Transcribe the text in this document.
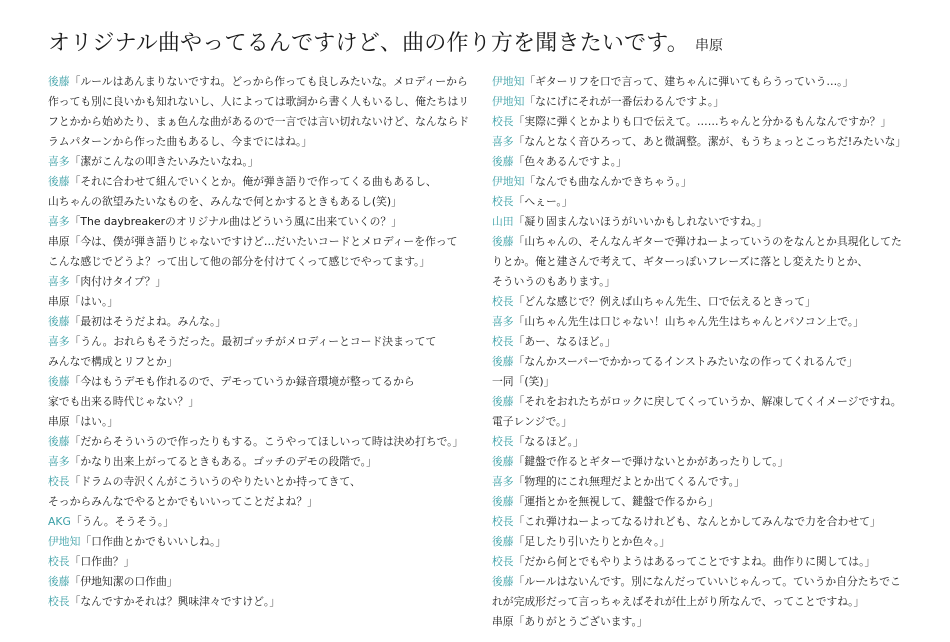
オリジナル曲やってるんですけど、曲の作り方を聞きたいです。 串原
後藤「ルールはあんまりないですね。どっから作っても良しみたいな。メロディーから
作っても別に良いかも知れないし、人によっては歌詞から書く人もいるし、俺たちはリ
フとかから始めたり、まぁ色んな曲があるので一言では言い切れないけど、なんならド
ラムパターンから作った曲もあるし、今までにはね。」
喜多「潔がこんなの叩きたいみたいなね。」
後藤「それに合わせて組んでいくとか。俺が弾き語りで作ってくる曲もあるし、
山ちゃんの欲望みたいなものを、みんなで何とかするときもあるし(笑)」
喜多「The daybreakerのオリジナル曲はどういう風に出来ていくの？」
串原「今は、僕が弾き語りじゃないですけど…だいたいコードとメロディーを作って
こんな感じでどうよ？って出して他の部分を付けてくって感じでやってます。」
喜多「肉付けタイプ？」
串原「はい。」
後藤「最初はそうだよね。みんな。」
喜多「うん。おれらもそうだった。最初ゴッチがメロディーとコード決まってて
みんなで構成とリフとか」
後藤「今はもうデモも作れるので、デモっていうか録音環境が整ってるから
家でも出来る時代じゃない？」
串原「はい。」
後藤「だからそういうので作ったりもする。こうやってほしいって時は決め打ちで。」
喜多「かなり出来上がってるときもある。ゴッチのデモの段階で。」
校長「ドラムの寺沢くんがこういうのやりたいとか持ってきて、
そっからみんなでやるとかでもいいってことだよね？」
AKG「うん。そうそう。」
伊地知「口作曲とかでもいいしね。」
校長「口作曲？」
後藤「伊地知潔の口作曲」
校長「なんですかそれは？興味津々ですけど。」
伊地知「ギターリフを口で言って、建ちゃんに弾いてもらうっていう…。」
伊地知「なにげにそれが一番伝わるんですよ。」
校長「実際に弾くとかよりも口で伝えて。……ちゃんと分かるもんなんですか？」
喜多「なんとなく音ひろって、あと微調整。潔が、もうちょっとこっちだ!みたいな」
後藤「色々あるんですよ。」
伊地知「なんでも曲なんかできちゃう。」
校長「へぇー。」
山田「凝り固まんないほうがいいかもしれないですね。」
後藤「山ちゃんの、そんなんギターで弾けねーよっていうのをなんとか具現化してた
りとか。俺と建さんで考えて、ギターっぽいフレーズに落とし変えたりとか、
そういうのもあります。」
校長「どんな感じで？例えば山ちゃん先生、口で伝えるときって」
喜多「山ちゃん先生は口じゃない！山ちゃん先生はちゃんとパソコン上で。」
校長「あー、なるほど。」
後藤「なんかスーパーでかかってるインストみたいなの作ってくれるんで」
一同「(笑)」
後藤「それをおれたちがロックに戻してくっていうか、解凍してくイメージですね。
電子レンジで。」
校長「なるほど。」
後藤「鍵盤で作るとギターで弾けないとかがあったりして。」
喜多「物理的にこれ無理だよとか出てくるんです。」
後藤「運指とかを無視して、鍵盤で作るから」
校長「これ弾けねーよってなるけれども、なんとかしてみんなで力を合わせて」
後藤「足したり引いたりとか色々。」
校長「だから何とでもやりようはあるってことですよね。曲作りに関しては。」
後藤「ルールはないんです。別になんだっていいじゃんって。ていうか自分たちでこ
れが完成形だって言っちゃえばそれが仕上がり所なんで、ってことですね。」
串原「ありがとうございます。」
